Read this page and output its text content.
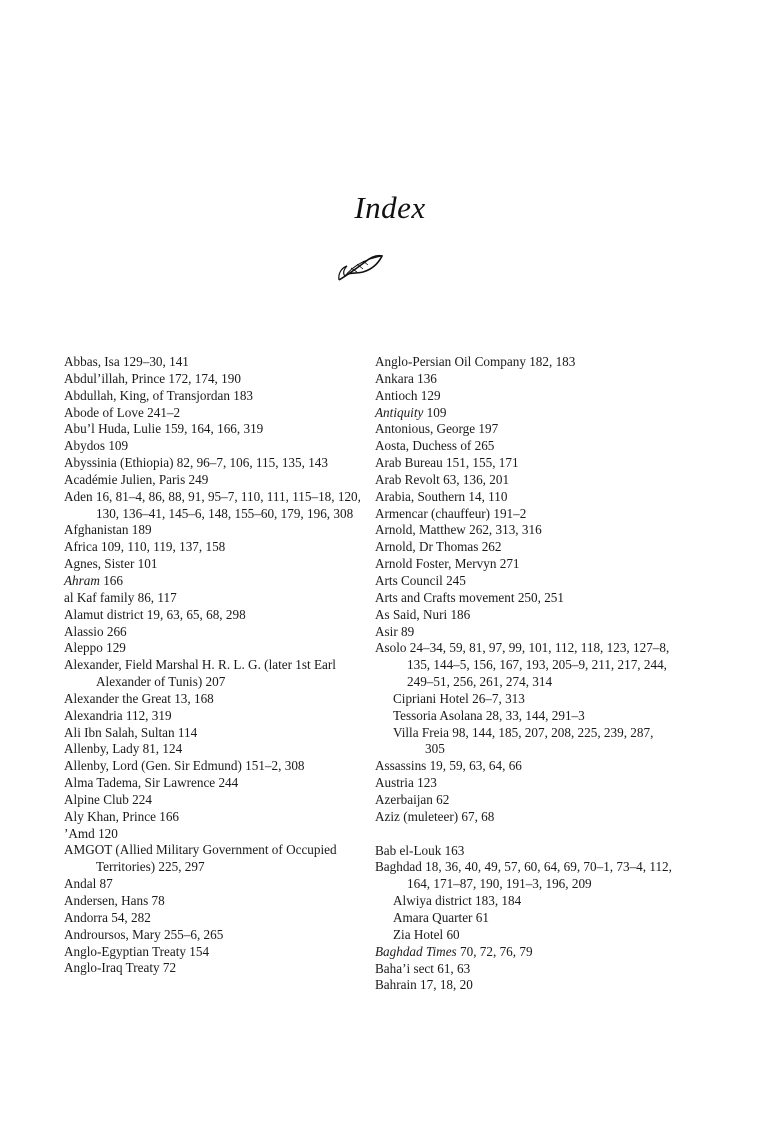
Index
Abbas, Isa 129–30, 141
Abdul’illah, Prince 172, 174, 190
Abdullah, King, of Transjordan 183
Abode of Love 241–2
Abu’l Huda, Lulie 159, 164, 166, 319
Abydos 109
Abyssinia (Ethiopia) 82, 96–7, 106, 115, 135, 143
Académie Julien, Paris 249
Aden 16, 81–4, 86, 88, 91, 95–7, 110, 111, 115–18, 120, 130, 136–41, 145–6, 148, 155–60, 179, 196, 308
Afghanistan 189
Africa 109, 110, 119, 137, 158
Agnes, Sister 101
Ahram 166
al Kaf family 86, 117
Alamut district 19, 63, 65, 68, 298
Alassio 266
Aleppo 129
Alexander, Field Marshal H. R. L. G. (later 1st Earl Alexander of Tunis) 207
Alexander the Great 13, 168
Alexandria 112, 319
Ali Ibn Salah, Sultan 114
Allenby, Lady 81, 124
Allenby, Lord (Gen. Sir Edmund) 151–2, 308
Alma Tadema, Sir Lawrence 244
Alpine Club 224
Aly Khan, Prince 166
’Amd 120
AMGOT (Allied Military Government of Occupied Territories) 225, 297
Andal 87
Andersen, Hans 78
Andorra 54, 282
Androursos, Mary 255–6, 265
Anglo-Egyptian Treaty 154
Anglo-Iraq Treaty 72
Anglo-Persian Oil Company 182, 183
Ankara 136
Antioch 129
Antiquity 109
Antonious, George 197
Aosta, Duchess of 265
Arab Bureau 151, 155, 171
Arab Revolt 63, 136, 201
Arabia, Southern 14, 110
Armencar (chauffeur) 191–2
Arnold, Matthew 262, 313, 316
Arnold, Dr Thomas 262
Arnold Foster, Mervyn 271
Arts Council 245
Arts and Crafts movement 250, 251
As Said, Nuri 186
Asir 89
Asolo 24–34, 59, 81, 97, 99, 101, 112, 118, 123, 127–8, 135, 144–5, 156, 167, 193, 205–9, 211, 217, 244, 249–51, 256, 261, 274, 314
Cipriani Hotel 26–7, 313
Tessoria Asolana 28, 33, 144, 291–3
Villa Freia 98, 144, 185, 207, 208, 225, 239, 287, 305
Assassins 19, 59, 63, 64, 66
Austria 123
Azerbaijan 62
Aziz (muleteer) 67, 68
Bab el-Louk 163
Baghdad 18, 36, 40, 49, 57, 60, 64, 69, 70–1, 73–4, 112, 164, 171–87, 190, 191–3, 196, 209
Alwiya district 183, 184
Amara Quarter 61
Zia Hotel 60
Baghdad Times 70, 72, 76, 79
Baha’i sect 61, 63
Bahrain 17, 18, 20
